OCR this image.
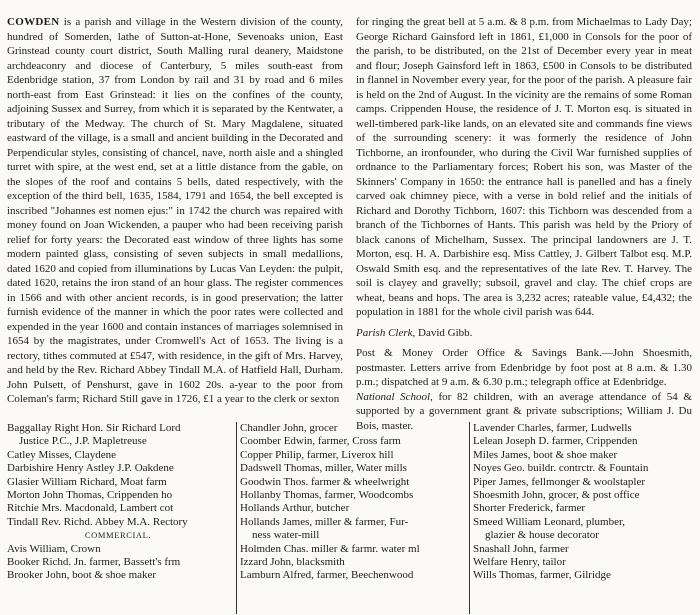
COWDEN is a parish and village in the Western division of the county, hundred of Somerden, lathe of Sutton-at-Hone, Sevenoaks union, East Grinstead county court district, South Malling rural deanery, Maidstone archdeaconry and diocese of Canterbury, 5 miles south-east from Edenbridge station, 37 from London by rail and 31 by road and 6 miles north-east from East Grinstead: it lies on the confines of the county, adjoining Sussex and Surrey, from which it is separated by the Kentwater, a tributary of the Medway. The church of St. Mary Magdalene, situated eastward of the village, is a small and ancient building in the Decorated and Perpendicular styles, consisting of chancel, nave, north aisle and a shingled turret with spire, at the west end, set at a little distance from the gable, on the slopes of the roof and contains 5 bells, dated respectively, with the exception of the third bell, 1635, 1584, 1791 and 1654, the bell excepted is inscribed "Johannes est nomen ejus:" in 1742 the church was repaired with money found on Joan Wickenden, a pauper who had been receiving parish relief for forty years: the Decorated east window of three lights has some modern painted glass, consisting of seven subjects in small medallions, dated 1620 and copied from illuminations by Lucas Van Leyden: the pulpit, dated 1620, retains the iron stand of an hour glass. The register commences in 1566 and with other ancient records, is in good preservation; the latter furnish evidence of the manner in which the poor rates were collected and expended in the year 1600 and contain instances of marriages solemnised in 1654 by the magistrates, under Cromwell's Act of 1653. The living is a rectory, tithes commuted at £547, with residence, in the gift of Mrs. Harvey, and held by the Rev. Richard Abbey Tindall M.A. of Hatfield Hall, Durham. John Pulsett, of Penshurst, gave in 1602 20s. a-year to the poor from Coleman's farm; Richard Still gave in 1726, £1 a year to the clerk or sexton

for ringing the great bell at 5 a.m. & 8 p.m. from Michaelmas to Lady Day; George Richard Gainsford left in 1861, £1,000 in Consols for the poor of the parish, to be distributed, on the 21st of December every year in meat and flour; Joseph Gainsford left in 1863, £500 in Consols to be distributed in flannel in November every year, for the poor of the parish. A pleasure fair is held on the 2nd of August. In the vicinity are the remains of some Roman camps. Crippenden House, the residence of J. T. Morton esq. is situated in well-timbered park-like lands, on an elevated site and commands fine views of the surrounding scenery: it was formerly the residence of John Tichborne, an ironfounder, who during the Civil War furnished supplies of ordnance to the Parliamentary forces; Robert his son, was Master of the Skinners' Company in 1650: the entrance hall is panelled and has a finely carved oak chimney piece, with a verse in bold relief and the initials of Richard and Dorothy Tichborn, 1607: this Tichborn was descended from a branch of the Tichbornes of Hants. This parish was held by the Priory of black canons of Michelham, Sussex. The principal landowners are J. T. Morton, esq. H. A. Darbishire esq. Miss Cattley, J. Gilbert Talbot esq. M.P. Oswald Smith esq. and the representatives of the late Rev. T. Harvey. The soil is clayey and gravelly; subsoil, gravel and clay. The chief crops are wheat, beans and hops. The area is 3,232 acres; rateable value, £4,432; the population in 1881 for the whole civil parish was 644.

Parish Clerk, David Gibb.

Post & Money Order Office & Savings Bank.—John Shoesmith, postmaster. Letters arrive from Edenbridge by foot post at 8 a.m. & 1.30 p.m.; dispatched at 9 a.m. & 6.30 p.m.; telegraph office at Edenbridge.

National School, for 82 children, with an average attendance of 54 & supported by a government grant & private subscriptions; William J. Du Bois, master.

Baggallay Right Hon. Sir Richard Lord
Justice P.C., J.P. Mapletreuse
Catley Misses, Claydene
Darbishire Henry Astley J.P. Oakdene
Glasier William Richard, Moat farm
Morton John Thomas, Crippenden ho
Ritchie Mrs. Macdonald, Lambert cot
Tindall Rev. Richd. Abbey M.A. Rectory
COMMERCIAL.
Avis William, Crown
Booker Richd. Jn. farmer, Bassett's frm
Brooker John, boot & shoe maker
Chandler John, grocer
Coomber Edwin, farmer, Cross farm
Copper Philip, farmer, Liverox hill
Dadswell Thomas, miller, Water mills
Goodwin Thos. farmer & wheelwright
Hollanby Thomas, farmer, Woodcombs
Hollands Arthur, butcher
Hollands James, miller & farmer, Fur-
ness water-mill
Holmden Chas. miller & farmr. water ml
Izzard John, blacksmith
Lamburn Alfred, farmer, Beechenwood
Lavender Charles, farmer, Ludwells
Lelean Joseph D. farmer, Crippenden
Miles James, boot & shoe maker
Noyes Geo. buildr. contrctr. & Fountain
Piper James, fellmonger & woolstapler
Shoesmith John, grocer, & post office
Shorter Frederick, farmer
Smeed William Leonard, plumber,
glazier & house decorator
Snashall John, farmer
Welfare Henry, tailor
Wills Thomas, farmer, Gilridge
